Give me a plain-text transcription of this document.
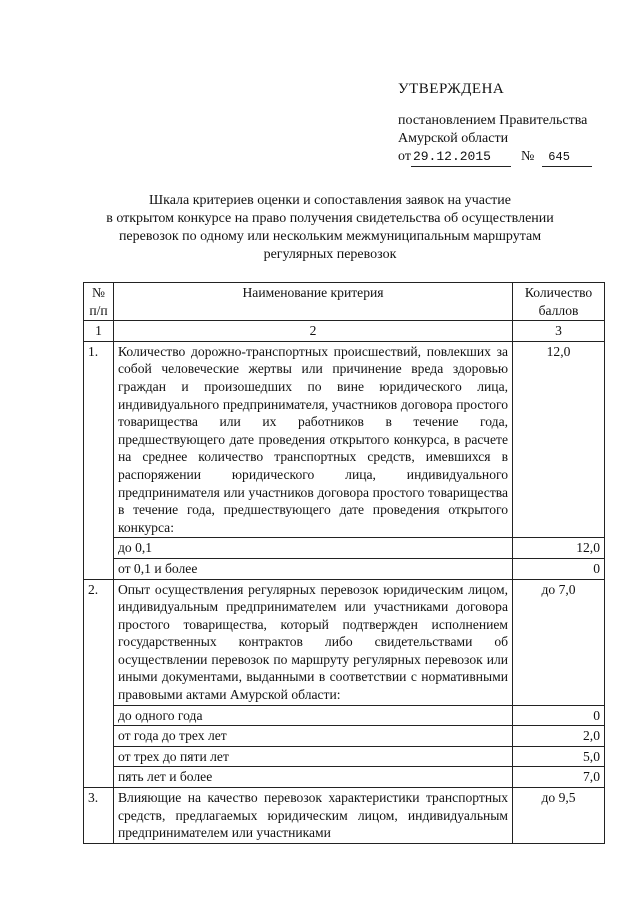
УТВЕРЖДЕНА
постановлением Правительства
Амурской области
от 29.12.2015	№	645
Шкала критериев оценки и сопоставления заявок на участие
в открытом конкурсе на право получения свидетельства об осуществлении
перевозок по одному или нескольким межмуниципальным маршрутам
регулярных перевозок
№ п/п	Наименование критерия	Количество баллов
1	2	3
1.	Количество дорожно-транспортных происшествий, повлекших за собой человеческие жертвы или причинение вреда здоровью граждан и произошедших по вине юридического лица, индивидуального предпринимателя, участников договора простого товарищества или их работников в течение года, предшествующего дате проведения открытого конкурса, в расчете на среднее количество транспортных средств, имевшихся в распоряжении юридического лица, индивидуального предпринимателя или участников договора простого товарищества в течение года, предшествующего дате проведения открытого конкурса:	12,0
	до 0,1	12,0
	от 0,1 и более	0
2.	Опыт осуществления регулярных перевозок юридическим лицом, индивидуальным предпринимателем или участниками договора простого товарищества, который подтвержден исполнением государственных контрактов либо свидетельствами об осуществлении перевозок по маршруту регулярных перевозок или иными документами, выданными в соответствии с нормативными правовыми актами Амурской области:	до 7,0
	до одного года	0
	от года до трех лет	2,0
	от трех до пяти лет	5,0
	пять лет и более	7,0
3.	Влияющие на качество перевозок характеристики транспортных средств, предлагаемых юридическим лицом, индивидуальным предпринимателем или участниками	до 9,5
